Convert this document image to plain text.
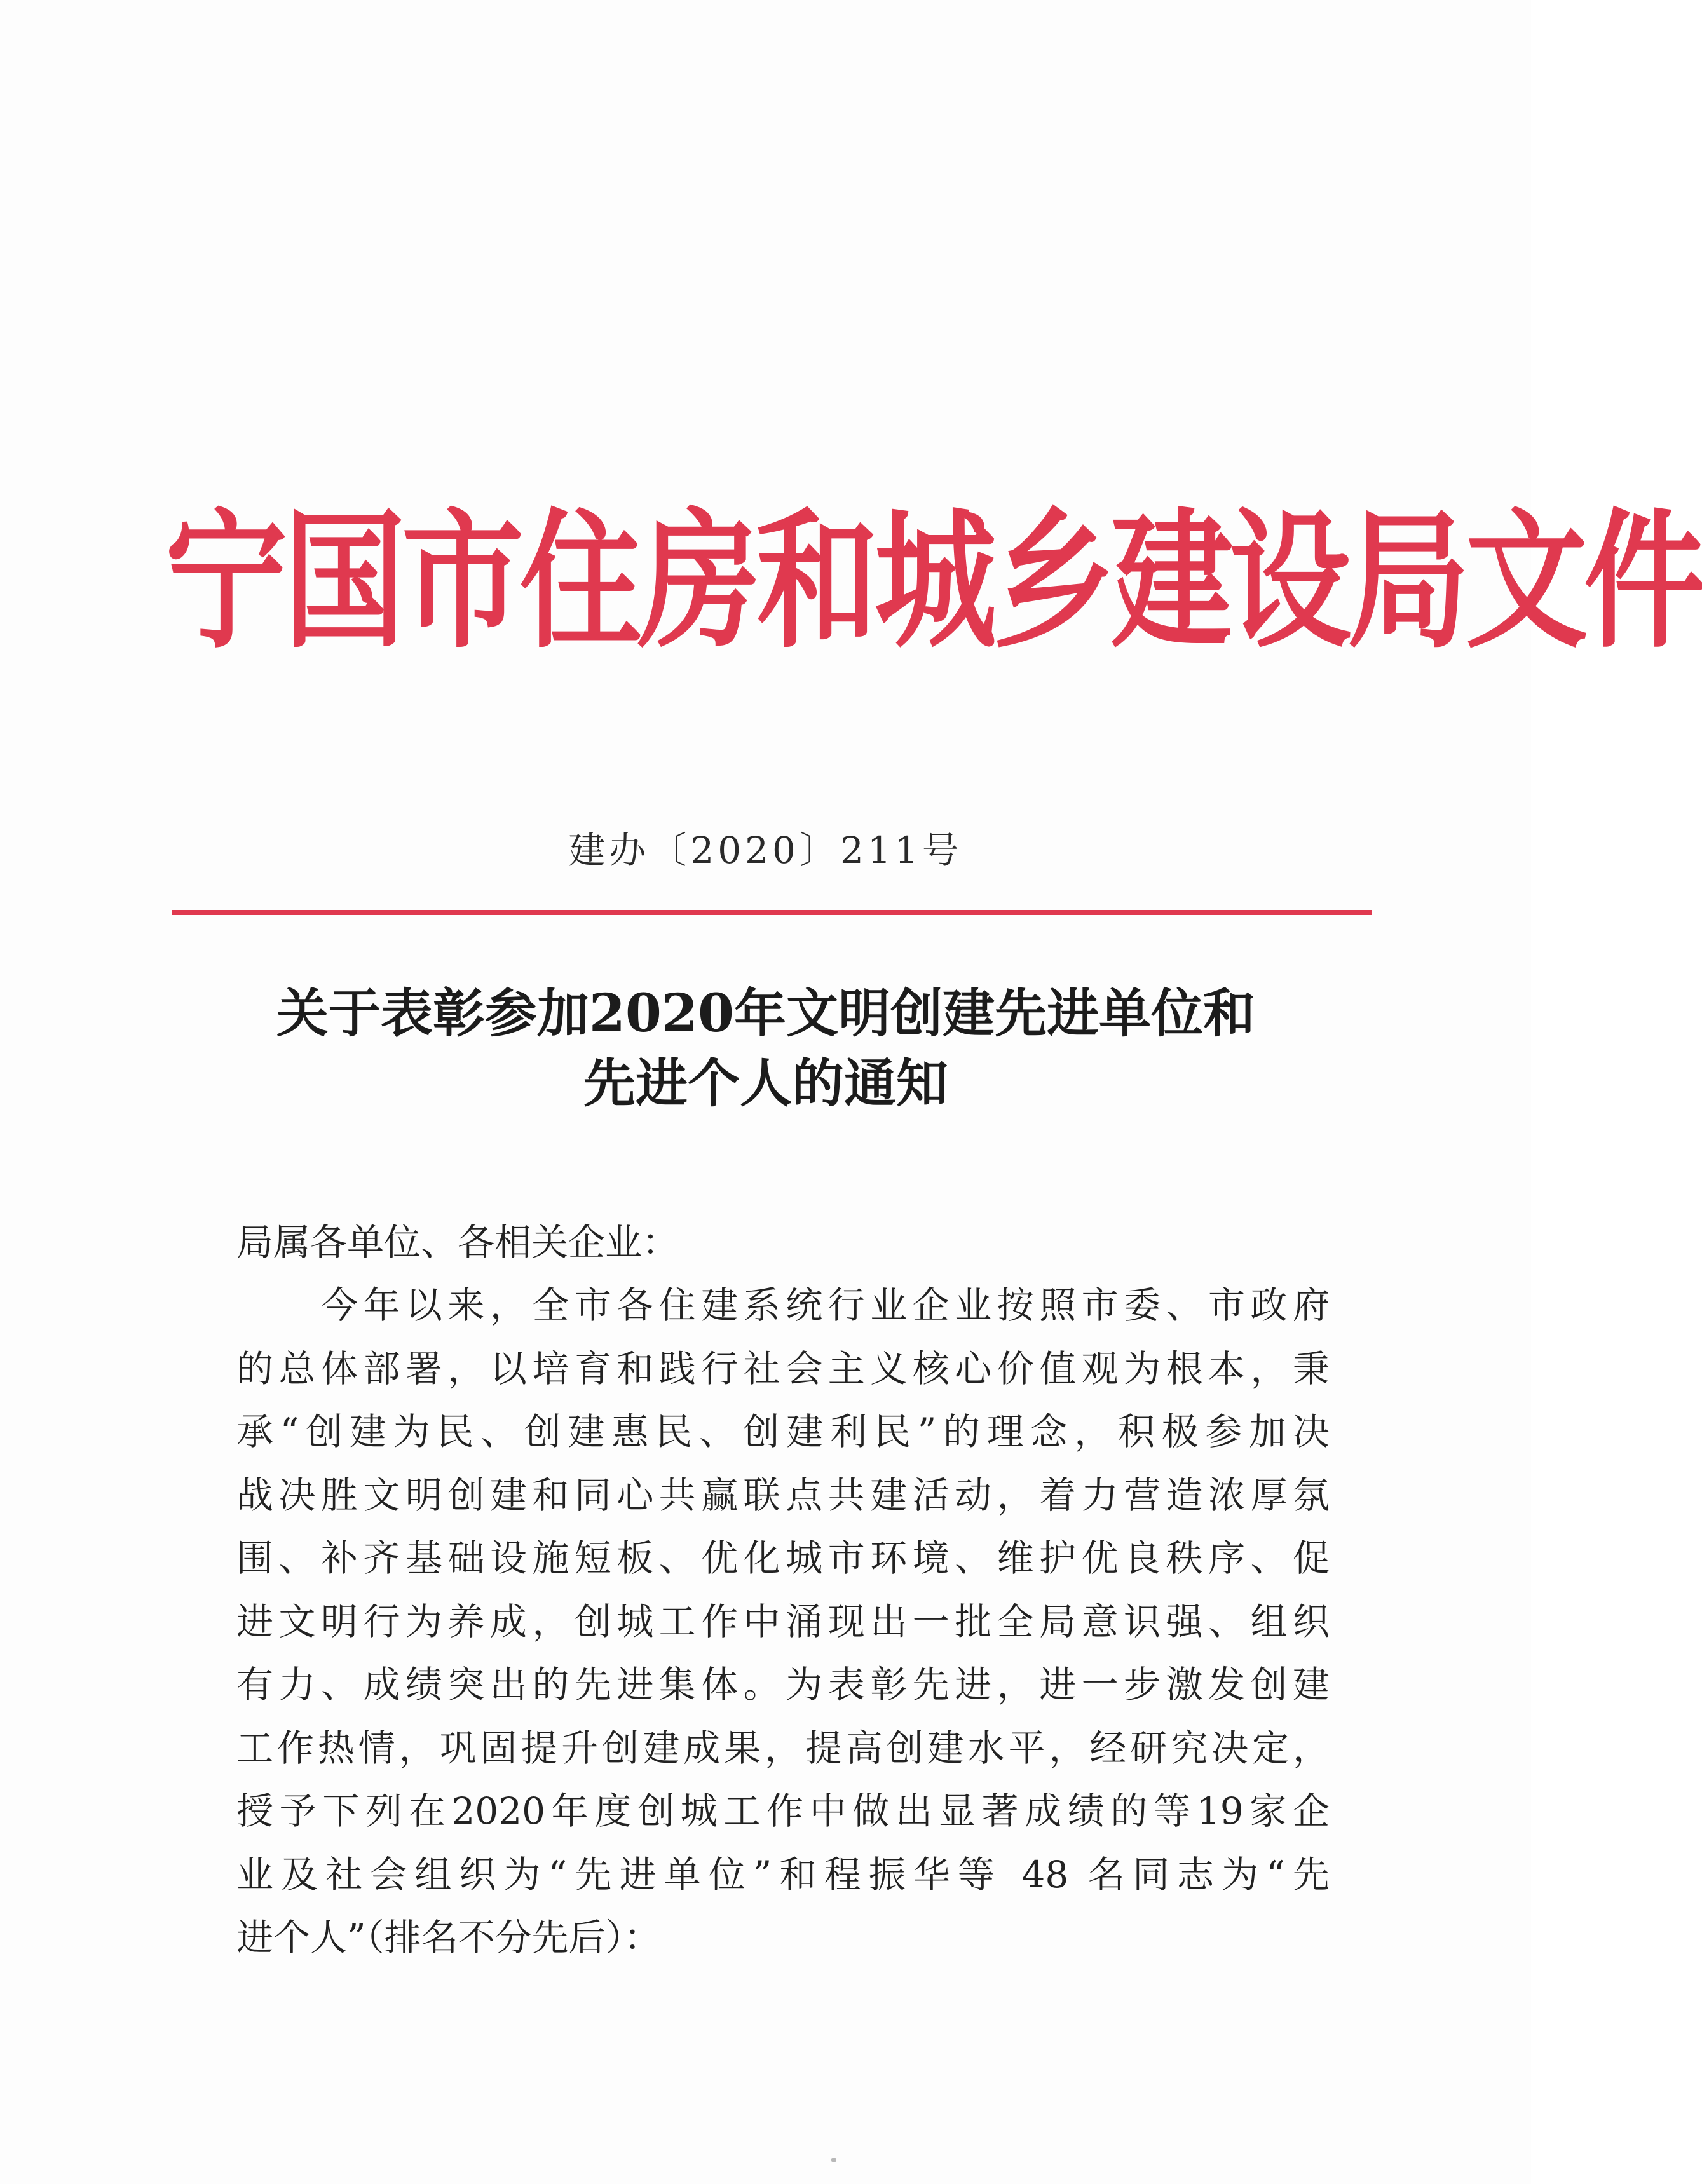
宁国市住房和城乡建设局文件
建办〔2020〕211号
关于表彰参加2020年文明创建先进单位和
先进个人的通知
局属各单位、各相关企业：
　　今年以来，全市各住建系统行业企业按照市委、市政府
的总体部署，以培育和践行社会主义核心价值观为根本，秉
承“创建为民、创建惠民、创建利民”的理念，积极参加决
战决胜文明创建和同心共赢联点共建活动，着力营造浓厚氛
围、补齐基础设施短板、优化城市环境、维护优良秩序、促
进文明行为养成，创城工作中涌现出一批全局意识强、组织
有力、成绩突出的先进集体。为表彰先进，进一步激发创建
工作热情，巩固提升创建成果，提高创建水平，经研究决定，
授予下列在2020年度创城工作中做出显著成绩的等19家企
业及社会组织为“先进单位”和程振华等 48 名同志为“先
进个人”（排名不分先后）：
